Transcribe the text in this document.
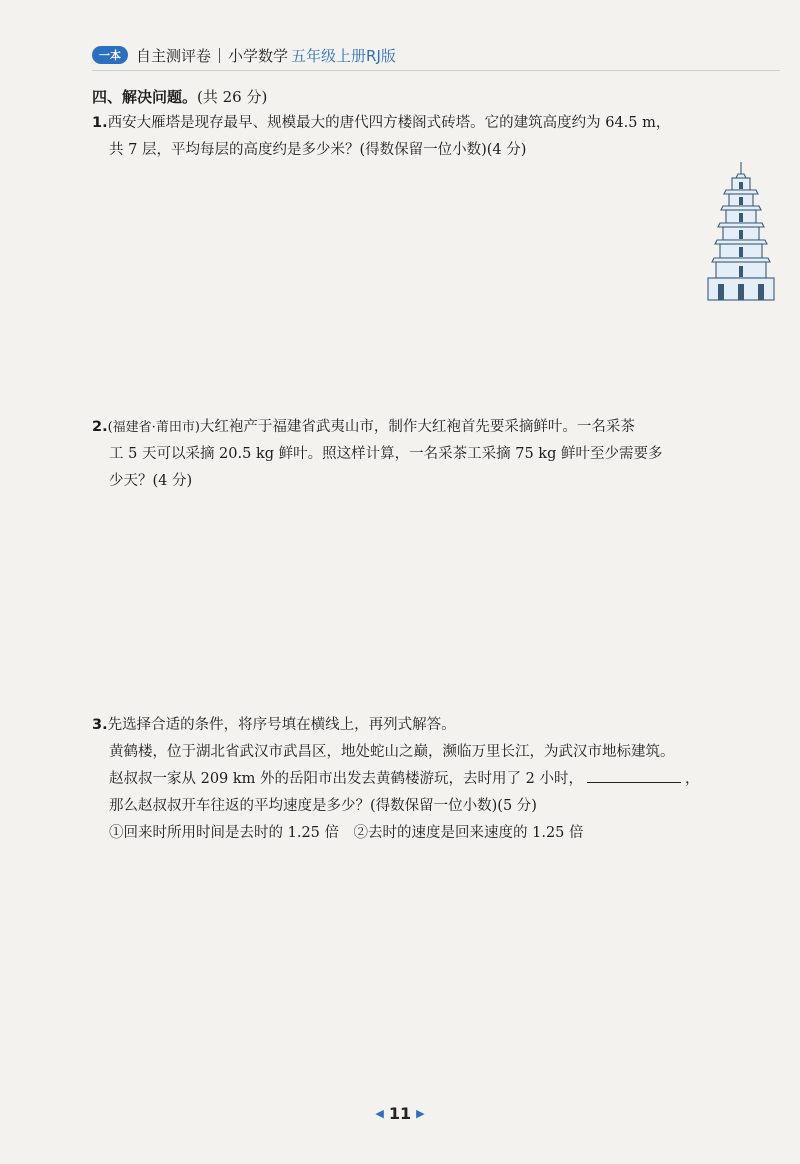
一本	自主测评卷 小学数学 五年级上册RJ版
四、解决问题。(共 26 分)
1.西安大雁塔是现存最早、规模最大的唐代四方楼阁式砖塔。它的建筑高度约为 64.5 m，
共 7 层，平均每层的高度约是多少米？(得数保留一位小数)(4 分)
2.(福建省·莆田市)大红袍产于福建省武夷山市，制作大红袍首先要采摘鲜叶。一名采茶
工 5 天可以采摘 20.5 kg 鲜叶。照这样计算，一名采茶工采摘 75 kg 鲜叶至少需要多
少天？(4 分)
3.先选择合适的条件，将序号填在横线上，再列式解答。
黄鹤楼，位于湖北省武汉市武昌区，地处蛇山之巅，濒临万里长江，为武汉市地标建筑。
赵叔叔一家从 209 km 外的岳阳市出发去黄鹤楼游玩，去时用了 2 小时，	，
那么赵叔叔开车往返的平均速度是多少？(得数保留一位小数)(5 分)
①回来时所用时间是去时的 1.25 倍　②去时的速度是回来速度的 1.25 倍
◀ 11 ▶
